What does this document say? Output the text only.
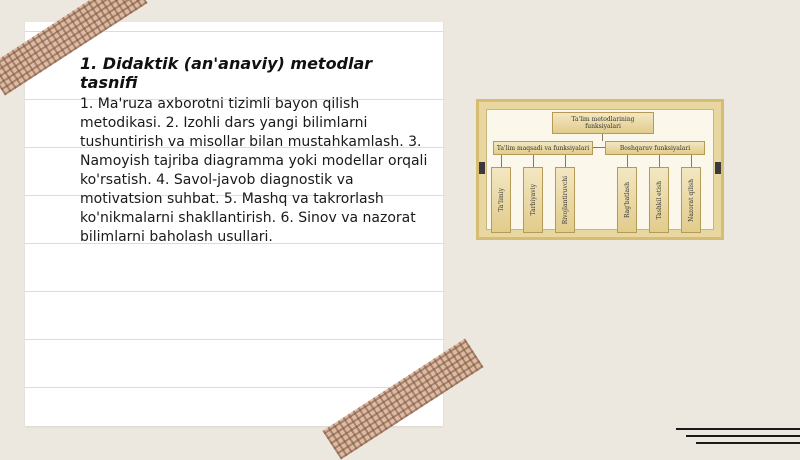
1. Didaktik (an'anaviy) metodlar tasnifi
1. Ma'ruza axborotni tizimli bayon qilish metodikasi. 2. Izohli dars yangi bilimlarni tushuntirish va misollar bilan mustahkamlash. 3. Namoyish tajriba diagramma yoki modellar orqali ko'rsatish. 4. Savol-javob diagnostik va motivatsion suhbat. 5. Mashq va takrorlash ko'nikmalarni shakllantirish. 6. Sinov va nazorat bilimlarni baholash usullari.
Ta'lim metodlarining funksiyalari
Ta'lim maqsadi va funksiyalari	Boshqaruv funksiyalari
Ta'limiy	Tarbiyaviy	Rivojlantiruvchi	Rag'batlash	Tashkil etish	Nazorat qilish
